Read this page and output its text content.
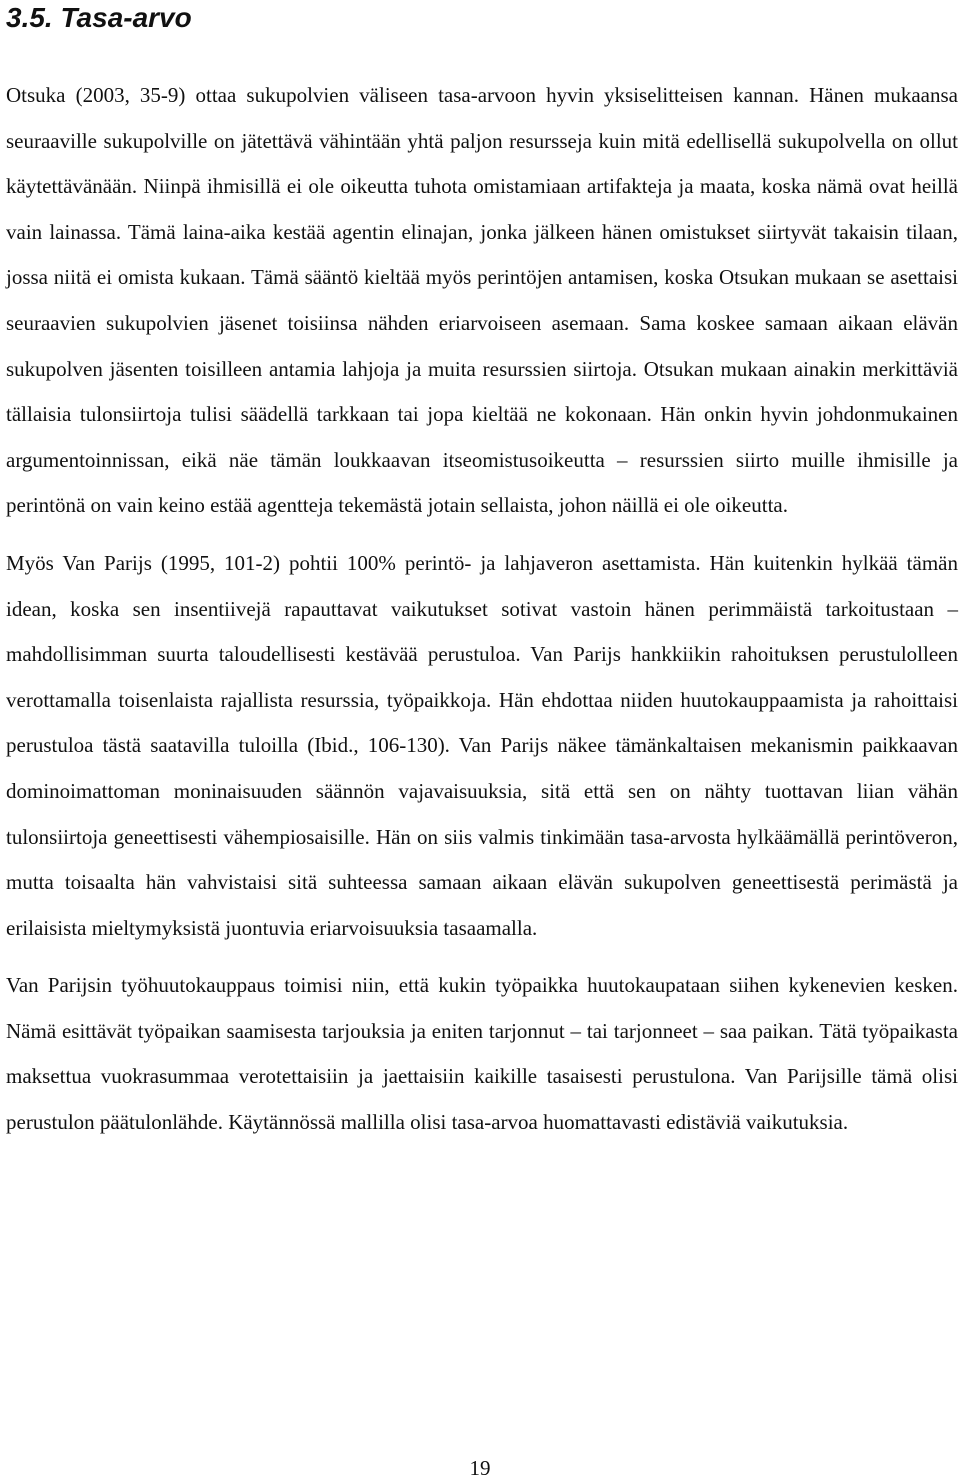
3.5. Tasa-arvo

Otsuka (2003, 35-9) ottaa sukupolvien väliseen tasa-arvoon hyvin yksiselitteisen kannan. Hänen mukaansa seuraaville sukupolville on jätettävä vähintään yhtä paljon resursseja kuin mitä edellisellä sukupolvella on ollut käytettävänään. Niinpä ihmisillä ei ole oikeutta tuhota omistamiaan artifakteja ja maata, koska nämä ovat heillä vain lainassa. Tämä laina-aika kestää agentin elinajan, jonka jälkeen hänen omistukset siirtyvät takaisin tilaan, jossa niitä ei omista kukaan. Tämä sääntö kieltää myös perintöjen antamisen, koska Otsukan mukaan se asettaisi seuraavien sukupolvien jäsenet toisiinsa nähden eriarvoiseen asemaan. Sama koskee samaan aikaan elävän sukupolven jäsenten toisilleen antamia lahjoja ja muita resurssien siirtoja. Otsukan mukaan ainakin merkittäviä tällaisia tulonsiirtoja tulisi säädellä tarkkaan tai jopa kieltää ne kokonaan. Hän onkin hyvin johdonmukainen argumentoinnissan, eikä näe tämän loukkaavan itseomistusoikeutta – resurssien siirto muille ihmisille ja perintönä on vain keino estää agentteja tekemästä jotain sellaista, johon näillä ei ole oikeutta.

Myös Van Parijs (1995, 101-2) pohtii 100% perintö- ja lahjaveron asettamista. Hän kuitenkin hylkää tämän idean, koska sen insentiivejä rapauttavat vaikutukset sotivat vastoin hänen perimmäistä tarkoitustaan – mahdollisimman suurta taloudellisesti kestävää perustuloa. Van Parijs hankkiikin rahoituksen perustulolleen verottamalla toisenlaista rajallista resurssia, työpaikkoja. Hän ehdottaa niiden huutokauppaamista ja rahoittaisi perustuloa tästä saatavilla tuloilla (Ibid., 106-130). Van Parijs näkee tämänkaltaisen mekanismin paikkaavan dominoimattoman moninaisuuden säännön vajavaisuuksia, sitä että sen on nähty tuottavan liian vähän tulonsiirtoja geneettisesti vähempiosaisille. Hän on siis valmis tinkimään tasa-arvosta hylkäämällä perintöveron, mutta toisaalta hän vahvistaisi sitä suhteessa samaan aikaan elävän sukupolven geneettisestä perimästä ja erilaisista mieltymyksistä juontuvia eriarvoisuuksia tasaamalla.

Van Parijsin työhuutokauppaus toimisi niin, että kukin työpaikka huutokaupataan siihen kykenevien kesken. Nämä esittävät työpaikan saamisesta tarjouksia ja eniten tarjonnut – tai tarjonneet – saa paikan. Tätä työpaikasta maksettua vuokrasummaa verotettaisiin ja jaettaisiin kaikille tasaisesti perustulona. Van Parijsille tämä olisi perustulon päätulonlähde. Käytännössä mallilla olisi tasa-arvoa huomattavasti edistäviä vaikutuksia.

19
